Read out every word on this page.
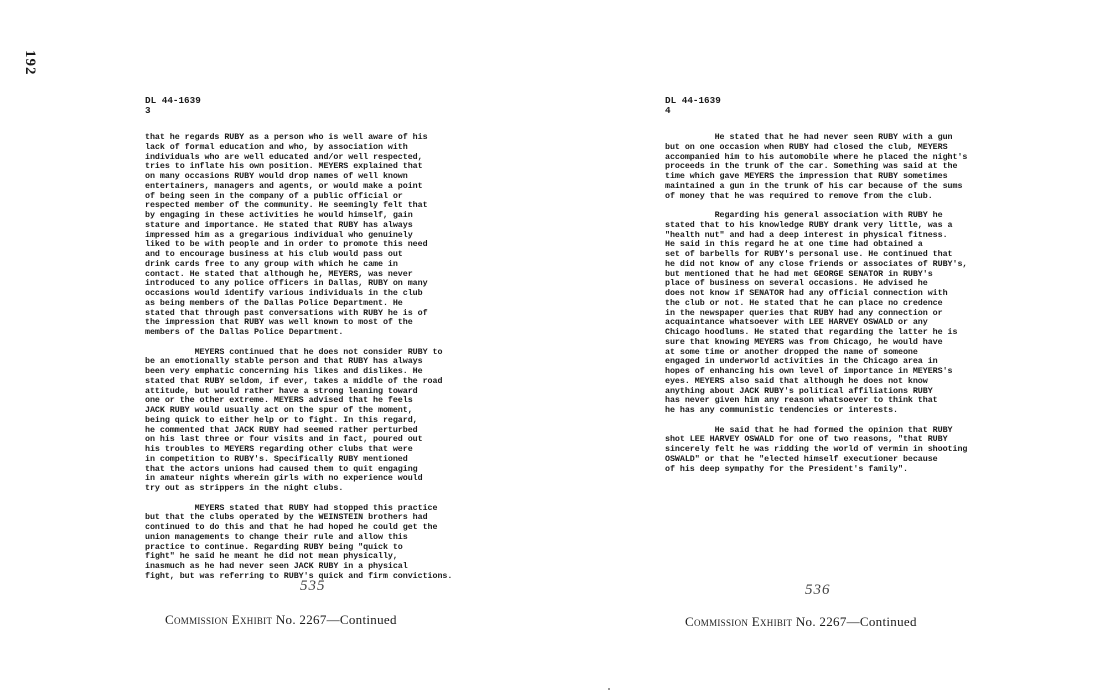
192
DL 44-1639
3

that he regards RUBY as a person who is well aware of his

lack of formal education and who, by association with

individuals who are well educated and/or well respected,

tries to inflate his own position. MEYERS explained that

on many occasions RUBY would drop names of well known

entertainers, managers and agents, or would make a point

of being seen in the company of a public official or

respected member of the community. He seemingly felt that

by engaging in these activities he would himself, gain

stature and importance. He stated that RUBY has always

impressed him as a gregarious individual who genuinely

liked to be with people and in order to promote this need

and to encourage business at his club would pass out

drink cards free to any group with which he came in

contact. He stated that although he, MEYERS, was never

introduced to any police officers in Dallas, RUBY on many

occasions would identify various individuals in the club

as being members of the Dallas Police Department. He

stated that through past conversations with RUBY he is of

the impression that RUBY was well known to most of the

members of the Dallas Police Department.

MEYERS continued that he does not consider RUBY to

be an emotionally stable person and that RUBY has always

been very emphatic concerning his likes and dislikes. He

stated that RUBY seldom, if ever, takes a middle of the road

attitude, but would rather have a strong leaning toward

one or the other extreme. MEYERS advised that he feels

JACK RUBY would usually act on the spur of the moment,

being quick to either help or to fight. In this regard,

he commented that JACK RUBY had seemed rather perturbed

on his last three or four visits and in fact, poured out

his troubles to MEYERS regarding other clubs that were

in competition to RUBY's. Specifically RUBY mentioned

that the actors unions had caused them to quit engaging

in amateur nights wherein girls with no experience would

try out as strippers in the night clubs.

MEYERS stated that RUBY had stopped this practice

but that the clubs operated by the WEINSTEIN brothers had

continued to do this and that he had hoped he could get the

union managements to change their rule and allow this

practice to continue. Regarding RUBY being "quick to

fight" he said he meant he did not mean physically,

inasmuch as he had never seen JACK RUBY in a physical

fight, but was referring to RUBY's quick and firm convictions.

535
Commission Exhibit No. 2267—Continued
DL 44-1639
4

He stated that he had never seen RUBY with a gun

but on one occasion when RUBY had closed the club, MEYERS

accompanied him to his automobile where he placed the night's

proceeds in the trunk of the car. Something was said at the

time which gave MEYERS the impression that RUBY sometimes

maintained a gun in the trunk of his car because of the sums

of money that he was required to remove from the club.

Regarding his general association with RUBY he

stated that to his knowledge RUBY drank very little, was a

"health nut" and had a deep interest in physical fitness.

He said in this regard he at one time had obtained a

set of barbells for RUBY's personal use. He continued that

he did not know of any close friends or associates of RUBY's,

but mentioned that he had met GEORGE SENATOR in RUBY's

place of business on several occasions. He advised he

does not know if SENATOR had any official connection with

the club or not. He stated that he can place no credence

in the newspaper queries that RUBY had any connection or

acquaintance whatsoever with LEE HARVEY OSWALD or any

Chicago hoodlums. He stated that regarding the latter he is

sure that knowing MEYERS was from Chicago, he would have

at some time or another dropped the name of someone

engaged in underworld activities in the Chicago area in

hopes of enhancing his own level of importance in MEYERS's

eyes. MEYERS also said that although he does not know

anything about JACK RUBY's political affiliations RUBY

has never given him any reason whatsoever to think that

he has any communistic tendencies or interests.

He said that he had formed the opinion that RUBY

shot LEE HARVEY OSWALD for one of two reasons, "that RUBY

sincerely felt he was ridding the world of vermin in shooting

OSWALD" or that he "elected himself executioner because

of his deep sympathy for the President's family".

536
Commission Exhibit No. 2267—Continued
